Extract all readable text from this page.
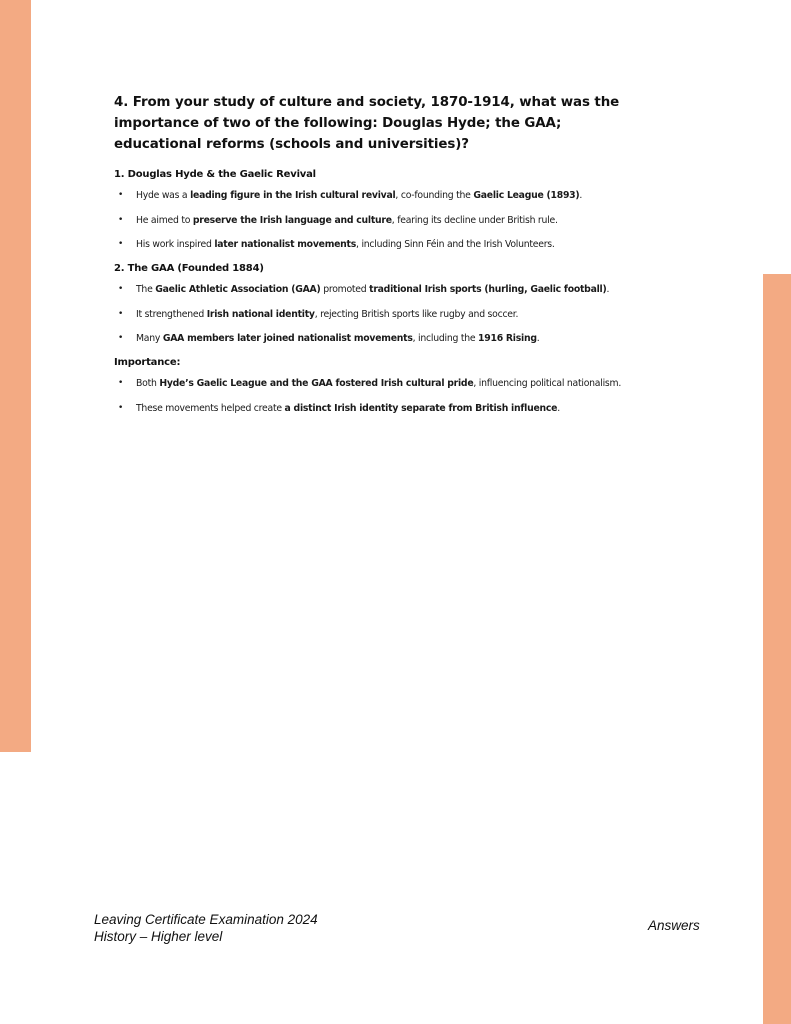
4. From your study of culture and society, 1870-1914, what was the importance of two of the following: Douglas Hyde; the GAA; educational reforms (schools and universities)?

1. Douglas Hyde & the Gaelic Revival
• Hyde was a leading figure in the Irish cultural revival, co-founding the Gaelic League (1893).
• He aimed to preserve the Irish language and culture, fearing its decline under British rule.
• His work inspired later nationalist movements, including Sinn Féin and the Irish Volunteers.
2. The GAA (Founded 1884)
• The Gaelic Athletic Association (GAA) promoted traditional Irish sports (hurling, Gaelic football).
• It strengthened Irish national identity, rejecting British sports like rugby and soccer.
• Many GAA members later joined nationalist movements, including the 1916 Rising.
Importance:
• Both Hyde’s Gaelic League and the GAA fostered Irish cultural pride, influencing political nationalism.
• These movements helped create a distinct Irish identity separate from British influence.
Leaving Certificate Examination 2024
History – Higher level
Answers
